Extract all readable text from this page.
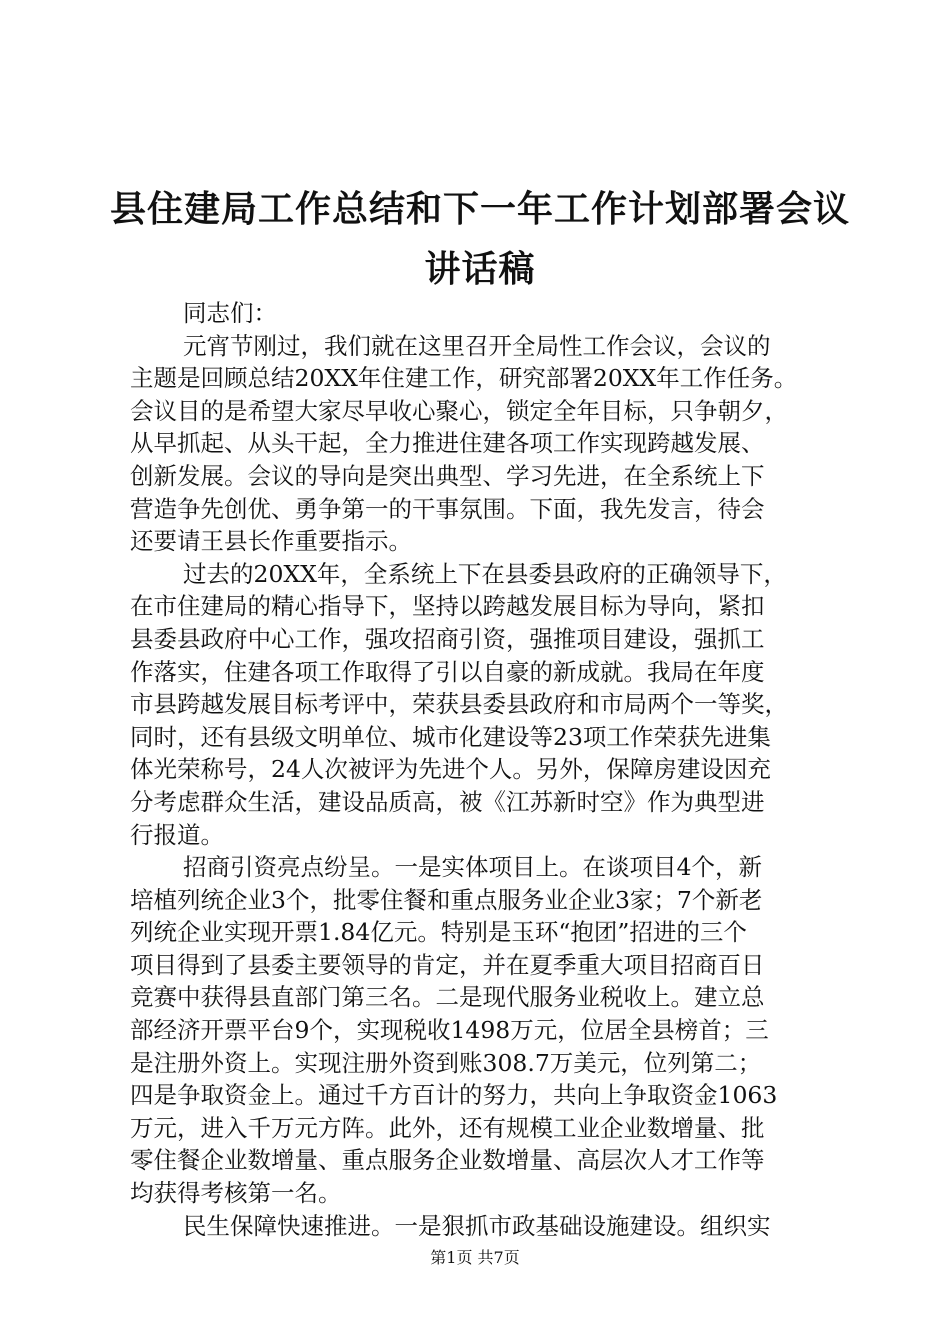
县住建局工作总结和下一年工作计划部署会议
讲话稿
同志们：
元宵节刚过，我们就在这里召开全局性工作会议，会议的
主题是回顾总结20XX年住建工作，研究部署20XX年工作任务。
会议目的是希望大家尽早收心聚心，锁定全年目标，只争朝夕，
从早抓起、从头干起，全力推进住建各项工作实现跨越发展、
创新发展。会议的导向是突出典型、学习先进，在全系统上下
营造争先创优、勇争第一的干事氛围。下面，我先发言，待会
还要请王县长作重要指示。
过去的20XX年，全系统上下在县委县政府的正确领导下，
在市住建局的精心指导下，坚持以跨越发展目标为导向，紧扣
县委县政府中心工作，强攻招商引资，强推项目建设，强抓工
作落实，住建各项工作取得了引以自豪的新成就。我局在年度
市县跨越发展目标考评中，荣获县委县政府和市局两个一等奖，
同时，还有县级文明单位、城市化建设等23项工作荣获先进集
体光荣称号，24人次被评为先进个人。另外，保障房建设因充
分考虑群众生活，建设品质高，被《江苏新时空》作为典型进
行报道。
招商引资亮点纷呈。一是实体项目上。在谈项目4个，新
培植列统企业3个，批零住餐和重点服务业企业3家；7个新老
列统企业实现开票1.84亿元。特别是玉环“抱团”招进的三个
项目得到了县委主要领导的肯定，并在夏季重大项目招商百日
竞赛中获得县直部门第三名。二是现代服务业税收上。建立总
部经济开票平台9个，实现税收1498万元，位居全县榜首；三
是注册外资上。实现注册外资到账308.7万美元，位列第二；
四是争取资金上。通过千方百计的努力，共向上争取资金1063
万元，进入千万元方阵。此外，还有规模工业企业数增量、批
零住餐企业数增量、重点服务企业数增量、高层次人才工作等
均获得考核第一名。
民生保障快速推进。一是狠抓市政基础设施建设。组织实
第1页 共7页
